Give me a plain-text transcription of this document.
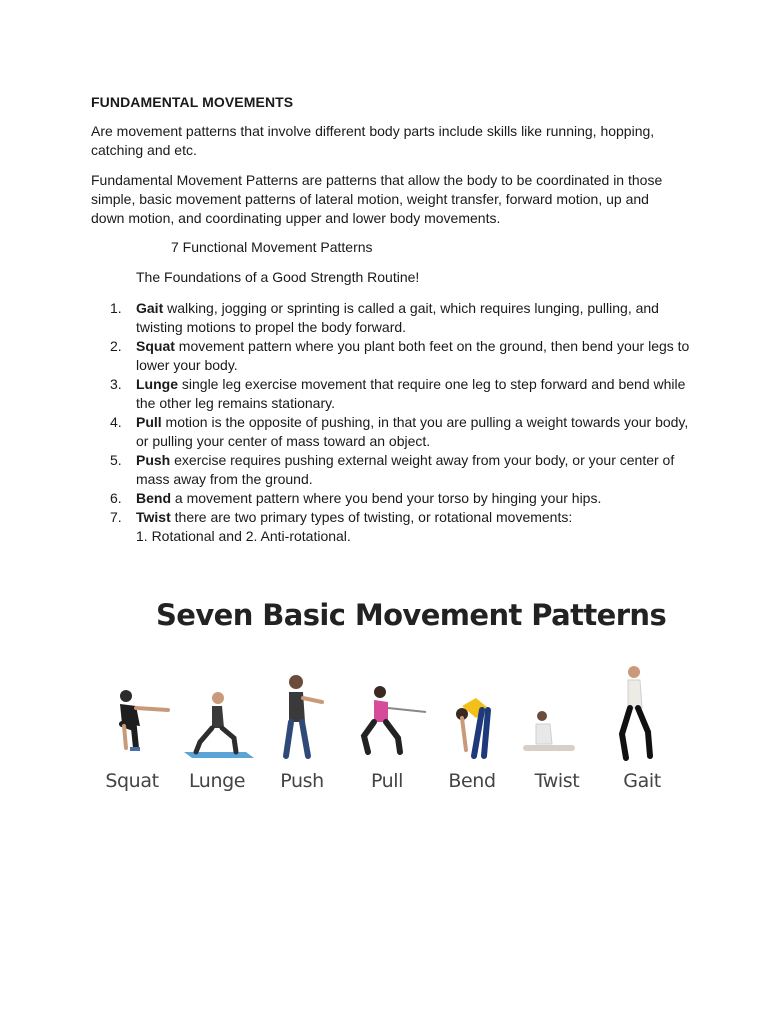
FUNDAMENTAL MOVEMENTS
Are movement patterns that involve different body parts include skills like running, hopping, catching and etc.
Fundamental Movement Patterns are patterns that allow the body to be coordinated in those simple, basic movement patterns of lateral motion, weight transfer, forward motion, up and down motion, and coordinating upper and lower body movements.
7 Functional Movement Patterns
The Foundations of a Good Strength Routine!
1. Gait walking, jogging or sprinting is called a gait, which requires lunging, pulling, and twisting motions to propel the body forward.
2. Squat movement pattern where you plant both feet on the ground, then bend your legs to lower your body.
3. Lunge single leg exercise movement that require one leg to step forward and bend while the other leg remains stationary.
4. Pull motion is the opposite of pushing, in that you are pulling a weight towards your body, or pulling your center of mass toward an object.
5. Push exercise requires pushing external weight away from your body, or your center of mass away from the ground.
6. Bend a movement pattern where you bend your torso by hinging your hips.
7. Twist there are two primary types of twisting, or rotational movements:
1. Rotational and 2. Anti-rotational.
Seven Basic Movement Patterns
Squat	Lunge	Push	Pull	Bend	Twist	Gait
